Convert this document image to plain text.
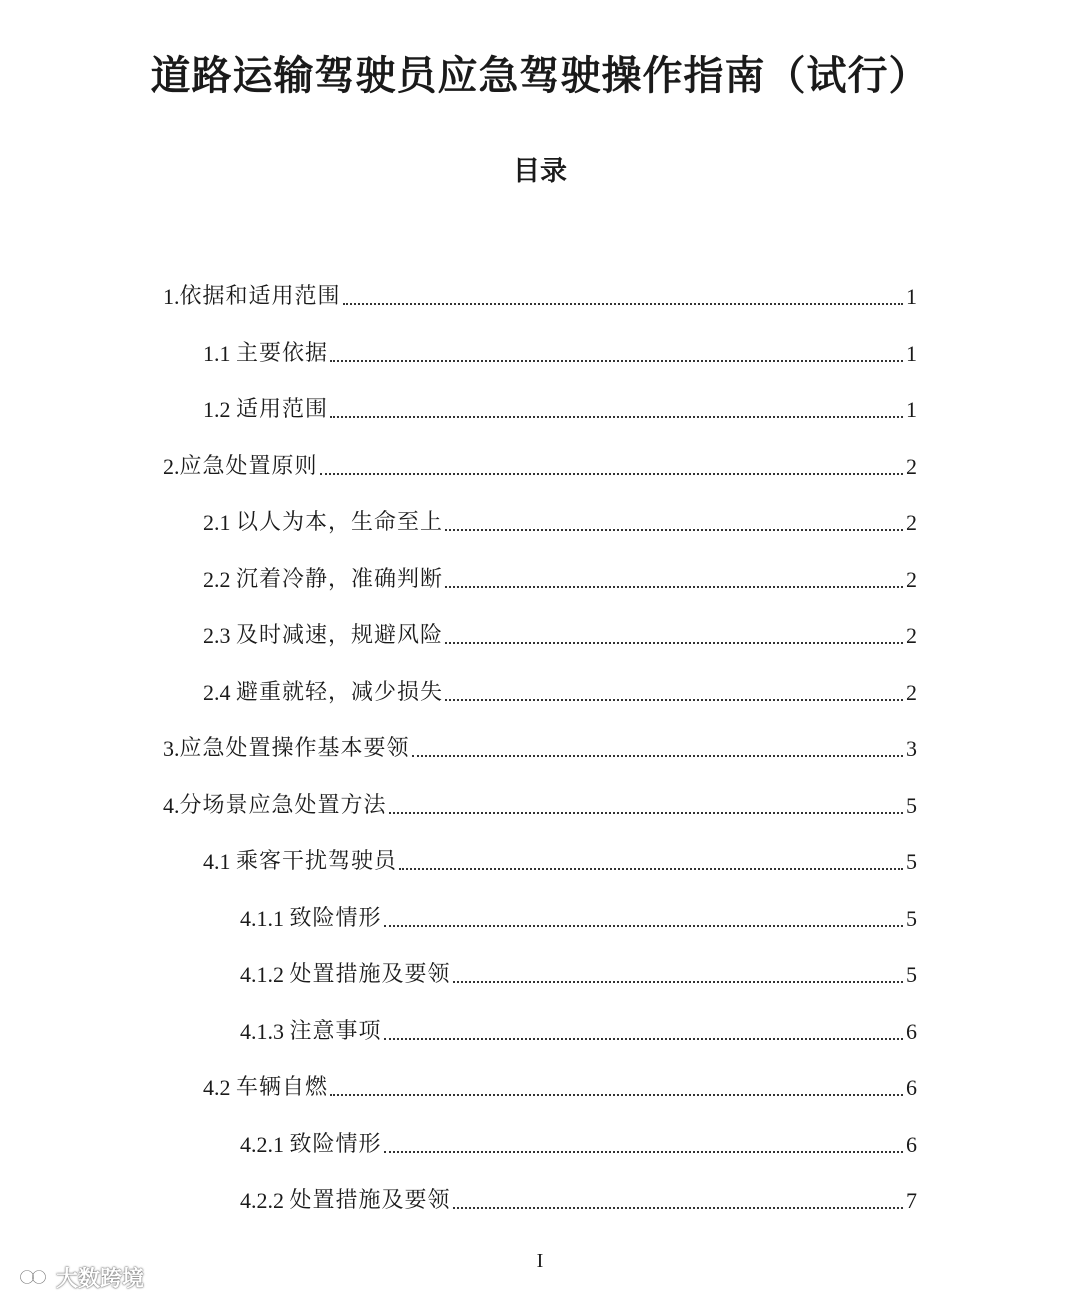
道路运输驾驶员应急驾驶操作指南（试行）
目录
1. 依据和适用范围	1
1.1 主要依据	1
1.2 适用范围	1
2. 应急处置原则	2
2.1 以人为本，生命至上	2
2.2 沉着冷静，准确判断	2
2.3 及时减速，规避风险	2
2.4 避重就轻，减少损失	2
3. 应急处置操作基本要领	3
4. 分场景应急处置方法	5
4.1 乘客干扰驾驶员	5
4.1.1 致险情形	5
4.1.2 处置措施及要领	5
4.1.3 注意事项	6
4.2 车辆自燃	6
4.2.1 致险情形	6
4.2.2 处置措施及要领	7
I
大数跨境
